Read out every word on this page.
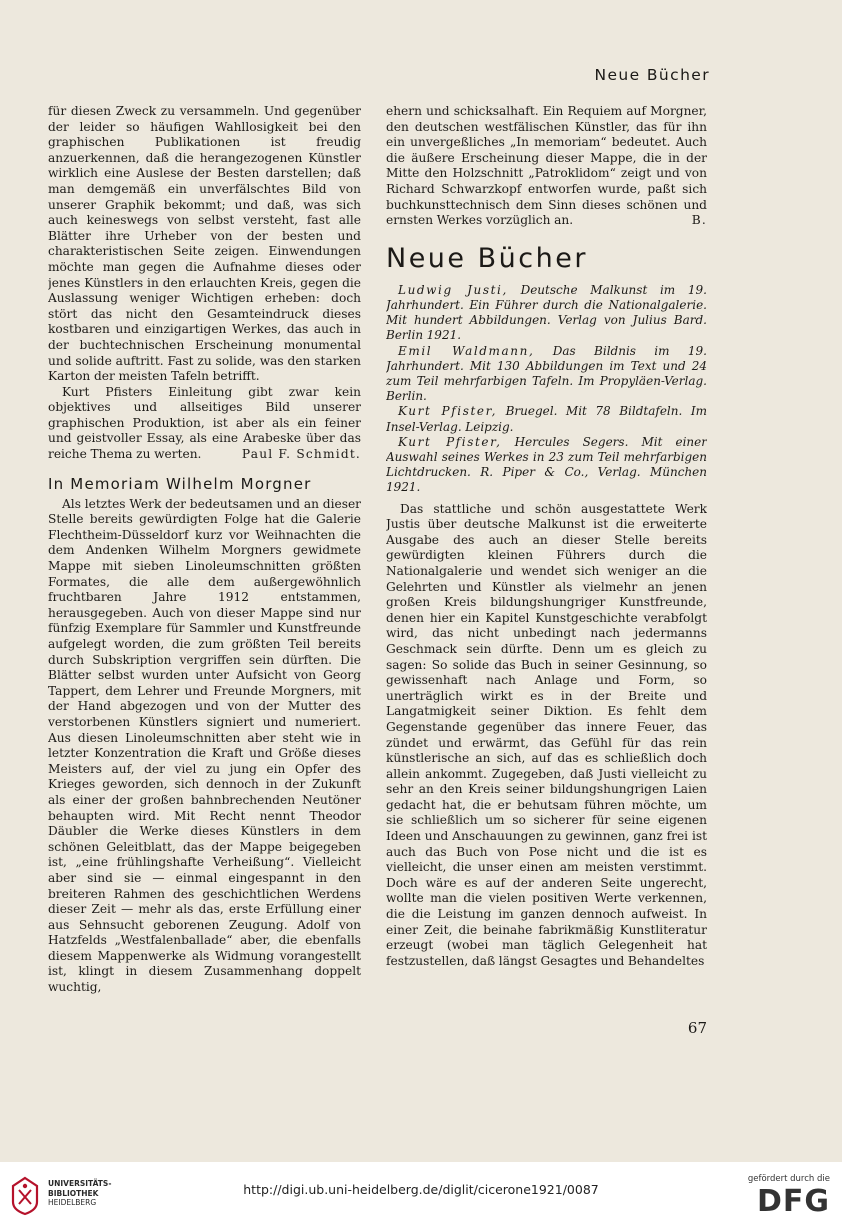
Neue Bücher

für diesen Zweck zu versammeln. Und gegenüber der leider so häufigen Wahllosigkeit bei den graphischen Publikationen ist freudig anzuerkennen, daß die herangezogenen Künstler wirklich eine Auslese der Besten darstellen; daß man demgemäß ein unverfälschtes Bild von unserer Graphik bekommt; und daß, was sich auch keineswegs von selbst versteht, fast alle Blätter ihre Urheber von der besten und charakteristischen Seite zeigen. Einwendungen möchte man gegen die Aufnahme dieses oder jenes Künstlers in den erlauchten Kreis, gegen die Auslassung weniger Wichtigen erheben: doch stört das nicht den Gesamteindruck dieses kostbaren und einzigartigen Werkes, das auch in der buchtechnischen Erscheinung monumental und solide auftritt. Fast zu solide, was den starken Karton der meisten Tafeln betrifft.

Kurt Pfisters Einleitung gibt zwar kein objektives und allseitiges Bild unserer graphischen Produktion, ist aber als ein feiner und geistvoller Essay, als eine Arabeske über das reiche Thema zu werten.	Paul F. Schmidt.
In Memoriam Wilhelm Morgner

Als letztes Werk der bedeutsamen und an dieser Stelle bereits gewürdigten Folge hat die Galerie Flechtheim-Düsseldorf kurz vor Weihnachten die dem Andenken Wilhelm Morgners gewidmete Mappe mit sieben Linoleumschnitten größten Formates, die alle dem außergewöhnlich fruchtbaren Jahre 1912 entstammen, herausgegeben. Auch von dieser Mappe sind nur fünfzig Exemplare für Sammler und Kunstfreunde aufgelegt worden, die zum größten Teil bereits durch Subskription vergriffen sein dürften. Die Blätter selbst wurden unter Aufsicht von Georg Tappert, dem Lehrer und Freunde Morgners, mit der Hand abgezogen und von der Mutter des verstorbenen Künstlers signiert und numeriert. Aus diesen Linoleumschnitten aber steht wie in letzter Konzentration die Kraft und Größe dieses Meisters auf, der viel zu jung ein Opfer des Krieges geworden, sich dennoch in der Zukunft als einer der großen bahnbrechenden Neutöner behaupten wird. Mit Recht nennt Theodor Däubler die Werke dieses Künstlers in dem schönen Geleitblatt, das der Mappe beigegeben ist, „eine frühlingshafte Verheißung“. Vielleicht aber sind sie — einmal eingespannt in den breiteren Rahmen des geschichtlichen Werdens dieser Zeit — mehr als das, erste Erfüllung einer aus Sehnsucht geborenen Zeugung. Adolf von Hatzfelds „Westfalenballade“ aber, die ebenfalls diesem Mappenwerke als Widmung vorangestellt ist, klingt in diesem Zusammenhang doppelt wuchtig,

ehern und schicksalhaft. Ein Requiem auf Morgner, den deutschen westfälischen Künstler, das für ihn ein unvergeßliches „In memoriam“ bedeutet. Auch die äußere Erscheinung dieser Mappe, die in der Mitte den Holzschnitt „Patroklidom“ zeigt und von Richard Schwarzkopf entworfen wurde, paßt sich buchkunsttechnisch dem Sinn dieses schönen und ernsten Werkes vorzüglich an.	B.
Neue Bücher

Ludwig Justi, Deutsche Malkunst im 19. Jahrhundert. Ein Führer durch die Nationalgalerie. Mit hundert Abbildungen. Verlag von Julius Bard. Berlin 1921.

Emil Waldmann, Das Bildnis im 19. Jahrhundert. Mit 130 Abbildungen im Text und 24 zum Teil mehrfarbigen Tafeln. Im Propyläen-Verlag. Berlin.

Kurt Pfister, Bruegel. Mit 78 Bildtafeln. Im Insel-Verlag. Leipzig.

Kurt Pfister, Hercules Segers. Mit einer Auswahl seines Werkes in 23 zum Teil mehrfarbigen Lichtdrucken. R. Piper & Co., Verlag. München 1921.

Das stattliche und schön ausgestattete Werk Justis über deutsche Malkunst ist die erweiterte Ausgabe des auch an dieser Stelle bereits gewürdigten kleinen Führers durch die Nationalgalerie und wendet sich weniger an die Gelehrten und Künstler als vielmehr an jenen großen Kreis bildungshungriger Kunstfreunde, denen hier ein Kapitel Kunstgeschichte verabfolgt wird, das nicht unbedingt nach jedermanns Geschmack sein dürfte. Denn um es gleich zu sagen: So solide das Buch in seiner Gesinnung, so gewissenhaft nach Anlage und Form, so unerträglich wirkt es in der Breite und Langatmigkeit seiner Diktion. Es fehlt dem Gegenstande gegenüber das innere Feuer, das zündet und erwärmt, das Gefühl für das rein künstlerische an sich, auf das es schließlich doch allein ankommt. Zugegeben, daß Justi vielleicht zu sehr an den Kreis seiner bildungshungrigen Laien gedacht hat, die er behutsam führen möchte, um sie schließlich um so sicherer für seine eigenen Ideen und Anschauungen zu gewinnen, ganz frei ist auch das Buch von Pose nicht und die ist es vielleicht, die unser einen am meisten verstimmt. Doch wäre es auf der anderen Seite ungerecht, wollte man die vielen positiven Werte verkennen, die die Leistung im ganzen dennoch aufweist. In einer Zeit, die beinahe fabrikmäßig Kunstliteratur erzeugt (wobei man täglich Gelegenheit hat festzustellen, daß längst Gesagtes und Behandeltes

67
UNIVERSITÄTS-
BIBLIOTHEK
HEIDELBERG
http://digi.ub.uni-heidelberg.de/diglit/cicerone1921/0087
gefördert durch die
DFG
